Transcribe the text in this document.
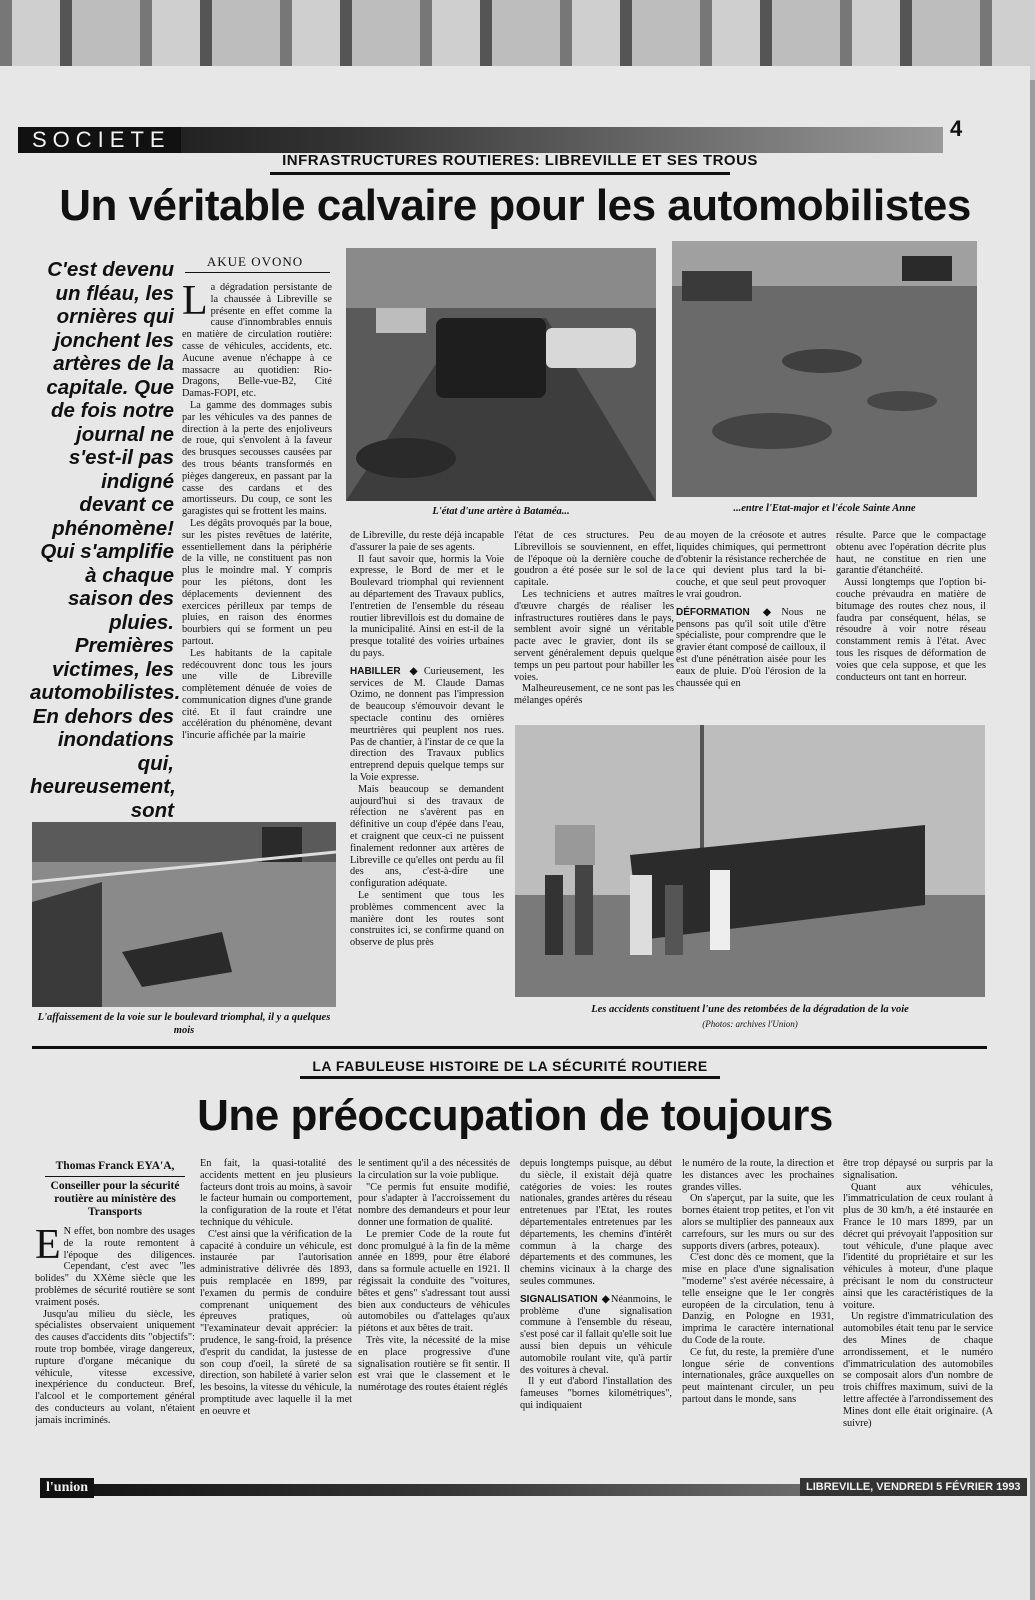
SOCIETE	4
INFRASTRUCTURES ROUTIERES: LIBREVILLE ET SES TROUS
Un véritable calvaire pour les automobilistes
C'est devenu un fléau, les ornières qui jonchent les artères de la capitale. Que de fois notre journal ne s'est-il pas indigné devant ce phénomène! Qui s'amplifie à chaque saison des pluies. Premières victimes, les automobilistes. En dehors des inondations qui, heureusement, sont
AKUE OVONO

La dégradation persistante de la chaussée à Libreville se présente en effet comme la cause d'innombrables ennuis en matière de circulation routière: casse de véhicules, accidents, etc. Aucune avenue n'échappe à ce massacre au quotidien: Rio-Dragons, Belle-vue-B2, Cité Damas-FOPI, etc.

La gamme des dommages subis par les véhicules va des pannes de direction à la perte des enjoliveurs de roue, qui s'envolent à la faveur des brusques secousses causées par des trous béants transformés en pièges dangereux, en passant par la casse des cardans et des amortisseurs. Du coup, ce sont les garagistes qui se frottent les mains.

Les dégâts provoqués par la boue, sur les pistes revêtues de latérite, essentiellement dans la périphérie de la ville, ne constituent pas non plus le moindre mal. Y compris pour les piétons, dont les déplacements deviennent des exercices périlleux par temps de pluies, en raison des énormes bourbiers qui se forment un peu partout.

Les habitants de la capitale redécouvrent donc tous les jours une ville de Libreville complètement dénuée de voies de communication dignes d'une grande cité. Et il faut craindre une accélération du phénomène, devant l'incurie affichée par la mairie

L'état d'une artère à Bataméa...	...entre l'Etat-major et l'école Sainte Anne

de Libreville, du reste déjà incapable d'assurer la paie de ses agents.

Il faut savoir que, hormis la Voie expresse, le Bord de mer et le Boulevard triomphal qui reviennent au département des Travaux publics, l'entretien de l'ensemble du réseau routier librevillois est du domaine de la municipalité. Ainsi en est-il de la presque totalité des voiries urbaines du pays.

HABILLER ◆Curieusement, les services de M. Claude Damas Ozimo, ne donnent pas l'impression de beaucoup s'émouvoir devant le spectacle continu des ornières meurtrières qui peuplent nos rues. Pas de chantier, à l'instar de ce que la direction des Travaux publics entreprend depuis quelque temps sur la Voie expresse.

Mais beaucoup se demandent aujourd'hui si des travaux de réfection ne s'avèrent pas en définitive un coup d'épée dans l'eau, et craignent que ceux-ci ne puissent finalement redonner aux artères de Libreville ce qu'elles ont perdu au fil des ans, c'est-à-dire une configuration adéquate.

Le sentiment que tous les problèmes commencent avec la manière dont les routes sont construites ici, se confirme quand on observe de plus près

l'état de ces structures. Peu de Librevillois se souviennent, en effet, de l'époque où la dernière couche de goudron a été posée sur le sol de la capitale.

Les techniciens et autres maîtres d'œuvre chargés de réaliser les infrastructures routières dans le pays, semblent avoir signé un véritable pacte avec le gravier, dont ils se servent généralement depuis quelque temps un peu partout pour habiller les voies.

Malheureusement, ce ne sont pas les mélanges opérés

au moyen de la créosote et autres liquides chimiques, qui permettront d'obtenir la résistance recherchée de ce qui devient plus tard la bi-couche, et que seul peut provoquer le vrai goudron.

DÉFORMATION ◆Nous ne pensons pas qu'il soit utile d'être spécialiste, pour comprendre que le gravier étant composé de cailloux, il est d'une pénétration aisée pour les eaux de pluie. D'où l'érosion de la chaussée qui en

résulte. Parce que le compactage obtenu avec l'opération décrite plus haut, ne constitue en rien une garantie d'étanchéité.

Aussi longtemps que l'option bi-couche prévaudra en matière de bitumage des routes chez nous, il faudra par conséquent, hélas, se résoudre à voir notre réseau constamment remis à l'état. Avec tous les risques de déformation de voies que cela suppose, et que les conducteurs ont tant en horreur.

Les accidents constituent l'une des retombées de la dégradation de la voie
(Photos: archives l'Union)
L'affaissement de la voie sur le boulevard triomphal, il y a quelques mois
LA FABULEUSE HISTOIRE DE LA SÉCURITÉ ROUTIERE
Une préoccupation de toujours
Thomas Franck EYA'A,
Conseiller pour la sécurité routière au ministère des Transports

E N effet, bon nombre des usages de la route remontent à l'époque des diligences. Cependant, c'est avec "les bolides" du XXème siècle que les problèmes de sécurité routière se sont vraiment posés.

Jusqu'au milieu du siècle, les spécialistes observaient uniquement des causes d'accidents dits "objectifs": route trop bombée, virage dangereux, rupture d'organe mécanique du véhicule, vitesse excessive, inexpérience du conducteur. Bref, l'alcool et le comportement général des conducteurs au volant, n'étaient jamais incriminés.

En fait, la quasi-totalité des accidents mettent en jeu plusieurs facteurs dont trois au moins, à savoir le facteur humain ou comportement, la configuration de la route et l'état technique du véhicule.

C'est ainsi que la vérification de la capacité à conduire un véhicule, est instaurée par l'autorisation administrative délivrée dès 1893, puis remplacée en 1899, par l'examen du permis de conduire comprenant uniquement des épreuves pratiques, où "l'examinateur devait apprécier: la prudence, le sang-froid, la présence d'esprit du candidat, la justesse de son coup d'oeil, la sûreté de sa direction, son habileté à varier selon les besoins, la vitesse du véhicule, la promptitude avec laquelle il la met en oeuvre et

le sentiment qu'il a des nécessités de la circulation sur la voie publique.

"Ce permis fut ensuite modifié, pour s'adapter à l'accroissement du nombre des demandeurs et pour leur donner une formation de qualité.

Le premier Code de la route fut donc promulgué à la fin de la même année en 1899, pour être élaboré dans sa formule actuelle en 1921. Il régissait la conduite des "voitures, bêtes et gens" s'adressant tout aussi bien aux conducteurs de véhicules automobiles ou d'attelages qu'aux piétons et aux bêtes de trait.

Très vite, la nécessité de la mise en place progressive d'une signalisation routière se fit sentir. Il est vrai que le classement et le numérotage des routes étaient réglés

depuis longtemps puisque, au début du siècle, il existait déjà quatre catégories de voies: les routes nationales, grandes artères du réseau entretenues par l'Etat, les routes départementales entretenues par les départements, les chemins d'intérêt commun à la charge des départements et des communes, les chemins vicinaux à la charge des seules communes.

SIGNALISATION ◆Néanmoins, le problème d'une signalisation commune à l'ensemble du réseau, s'est posé car il fallait qu'elle soit lue aussi bien depuis un véhicule automobile roulant vite, qu'à partir des voitures à cheval.

Il y eut d'abord l'installation des fameuses "bornes kilométriques", qui indiquaient

le numéro de la route, la direction et les distances avec les prochaines grandes villes.

On s'aperçut, par la suite, que les bornes étaient trop petites, et l'on vit alors se multiplier des panneaux aux carrefours, sur les murs ou sur des supports divers (arbres, poteaux).

C'est donc dès ce moment, que la mise en place d'une signalisation "moderne" s'est avérée nécessaire, à telle enseigne que le 1er congrès européen de la circulation, tenu à Danzig, en Pologne en 1931, imprima le caractère international du Code de la route.

Ce fut, du reste, la première d'une longue série de conventions internationales, grâce auxquelles on peut maintenant circuler, un peu partout dans le monde, sans

être trop dépaysé ou surpris par la signalisation.

Quant aux véhicules, l'immatriculation de ceux roulant à plus de 30 km/h, a été instaurée en France le 10 mars 1899, par un décret qui prévoyait l'apposition sur tout véhicule, d'une plaque avec l'identité du propriétaire et sur les véhicules à moteur, d'une plaque précisant le nom du constructeur ainsi que les caractéristiques de la voiture.

Un registre d'immatriculation des automobiles était tenu par le service des Mines de chaque arrondissement, et le numéro d'immatriculation des automobiles se composait alors d'un nombre de trois chiffres maximum, suivi de la lettre affectée à l'arrondissement des Mines dont elle était originaire. (A suivre)

l'union	LIBREVILLE, VENDREDI 5 FÉVRIER 1993
